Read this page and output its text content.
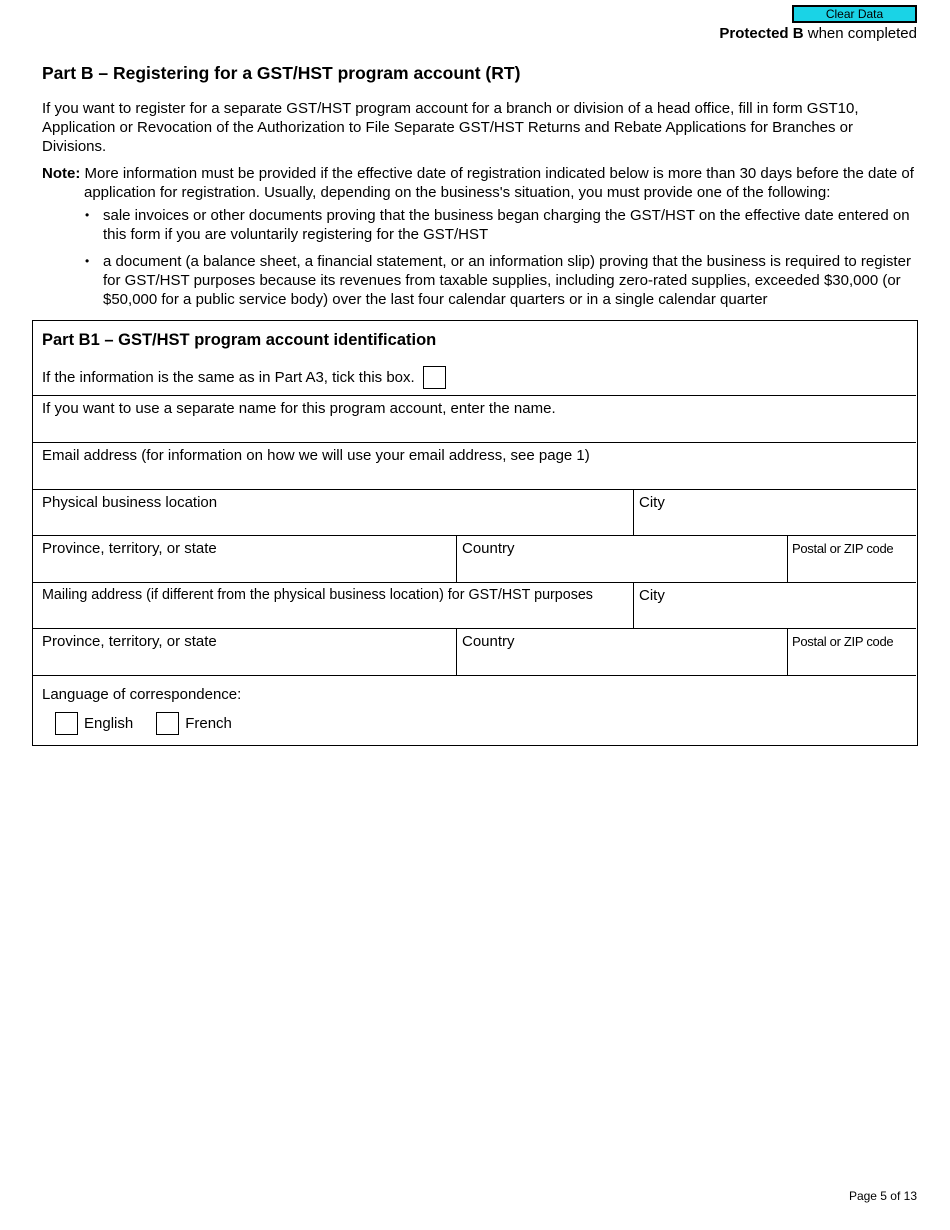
Clear Data
Protected B when completed
Part B – Registering for a GST/HST program account (RT)
If you want to register for a separate GST/HST program account for a branch or division of a head office, fill in form GST10, Application or Revocation of the Authorization to File Separate GST/HST Returns and Rebate Applications for Branches or Divisions.
Note: More information must be provided if the effective date of registration indicated below is more than 30 days before the date of application for registration. Usually, depending on the business's situation, you must provide one of the following:
• sale invoices or other documents proving that the business began charging the GST/HST on the effective date entered on this form if you are voluntarily registering for the GST/HST
• a document (a balance sheet, a financial statement, or an information slip) proving that the business is required to register for GST/HST purposes because its revenues from taxable supplies, including zero-rated supplies, exceeded $30,000 (or $50,000 for a public service body) over the last four calendar quarters or in a single calendar quarter
Part B1 – GST/HST program account identification
If the information is the same as in Part A3, tick this box.
If you want to use a separate name for this program account, enter the name.
Email address (for information on how we will use your email address, see page 1)
Physical business location	City
Province, territory, or state	Country	Postal or ZIP code
Mailing address (if different from the physical business location) for GST/HST purposes	City
Province, territory, or state	Country	Postal or ZIP code
Language of correspondence:
English	French
Page 5 of 13
